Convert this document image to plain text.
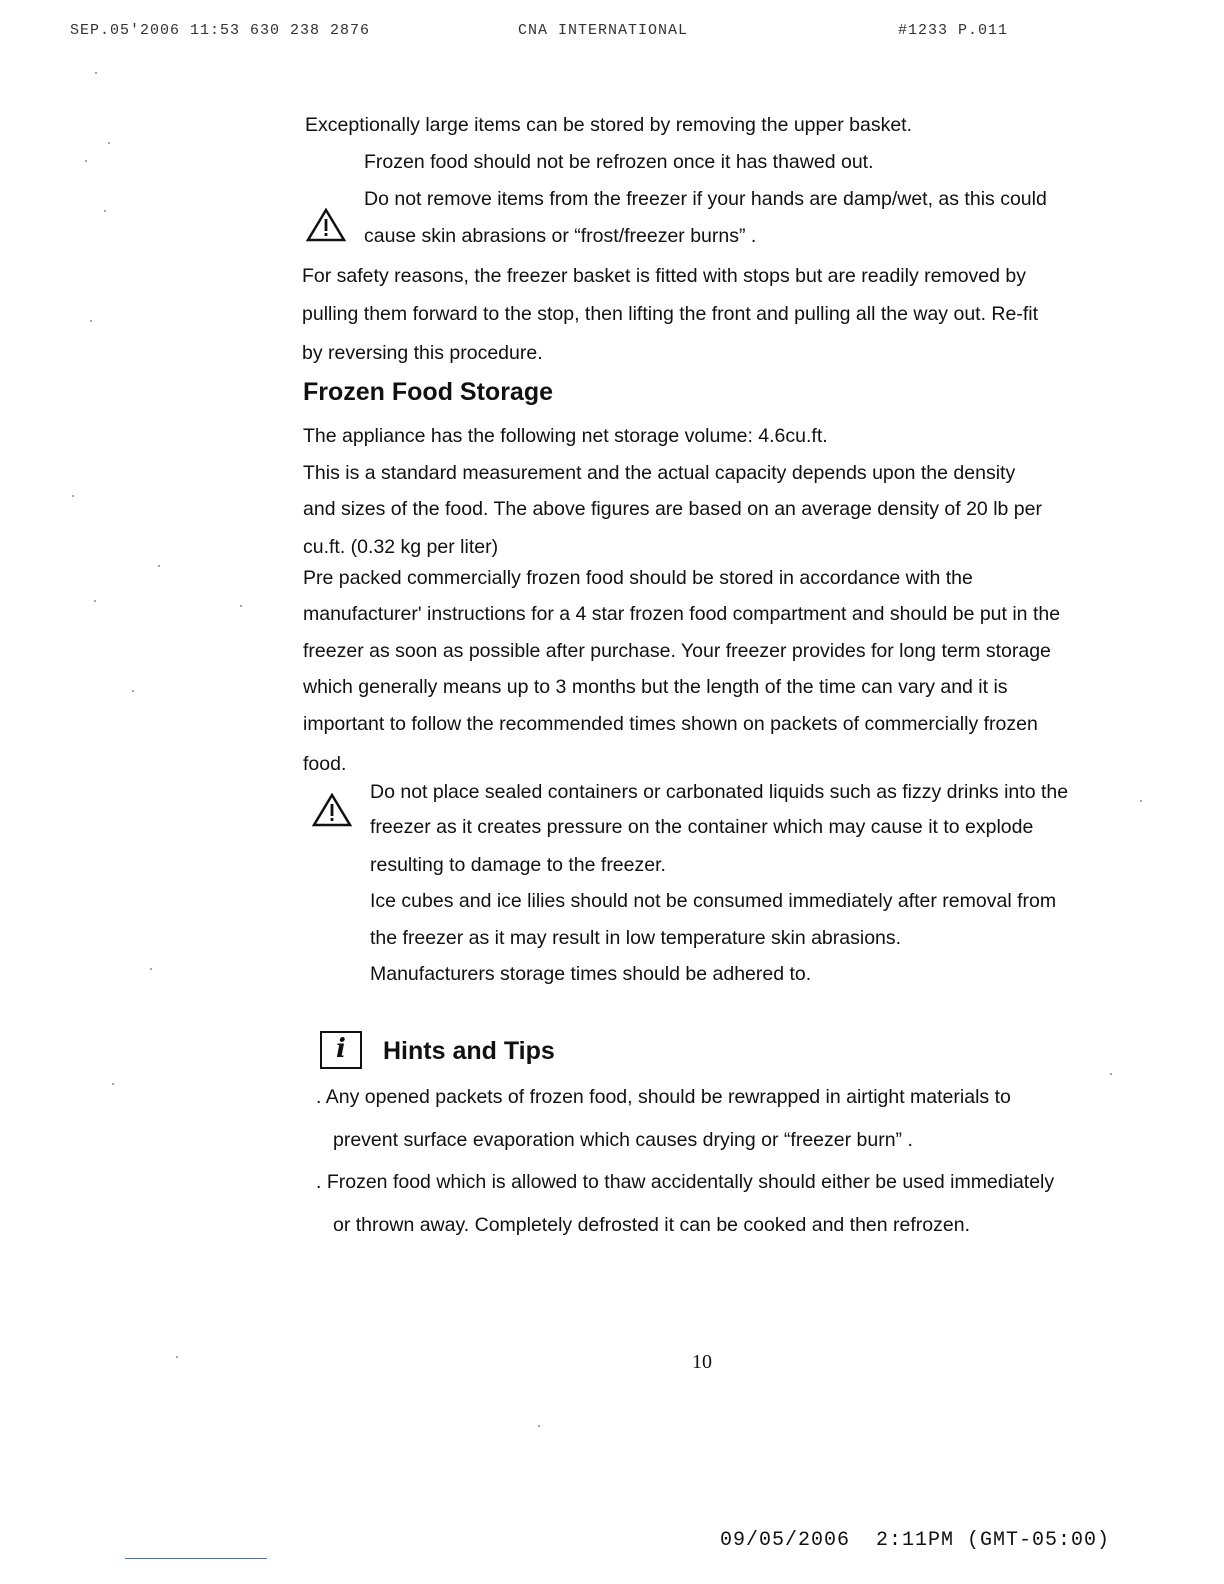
SEP.05'2006 11:53 630 238 2876	CNA INTERNATIONAL	#1233 P.011
Exceptionally large items can be stored by removing the upper basket.
Frozen food should not be refrozen once it has thawed out.
Do not remove items from the freezer if your hands are damp/wet, as this could
cause skin abrasions or “frost/freezer burns” .
For safety reasons, the freezer basket is fitted with stops but are readily removed by
pulling them forward to the stop, then lifting the front and pulling all the way out. Re-fit
by reversing this procedure.
Frozen Food Storage
The appliance has the following net storage volume: 4.6cu.ft.
This is a standard measurement and the actual capacity depends upon the density
and sizes of the food. The above figures are based on an average density of 20 lb per
cu.ft. (0.32 kg per liter)
Pre packed commercially frozen food should be stored in accordance with the
manufacturer' instructions for a 4 star frozen food compartment and should be put in the
freezer as soon as possible after purchase. Your freezer provides for long term storage
which generally means up to 3 months but the length of the time can vary and it is
important to follow the recommended times shown on packets of commercially frozen
food.
Do not place sealed containers or carbonated liquids such as fizzy drinks into the
freezer as it creates pressure on the container which may cause it to explode
resulting to damage to the freezer.
Ice cubes and ice lilies should not be consumed immediately after removal from
the freezer as it may result in low temperature skin abrasions.
Manufacturers storage times should be adhered to.
i	Hints and Tips
. Any opened packets of frozen food, should be rewrapped in airtight materials to
prevent surface evaporation which causes drying or “freezer burn” .
. Frozen food which is allowed to thaw accidentally should either be used immediately
or thrown away. Completely defrosted it can be cooked and then refrozen.
10
09/05/2006  2:11PM (GMT-05:00)
